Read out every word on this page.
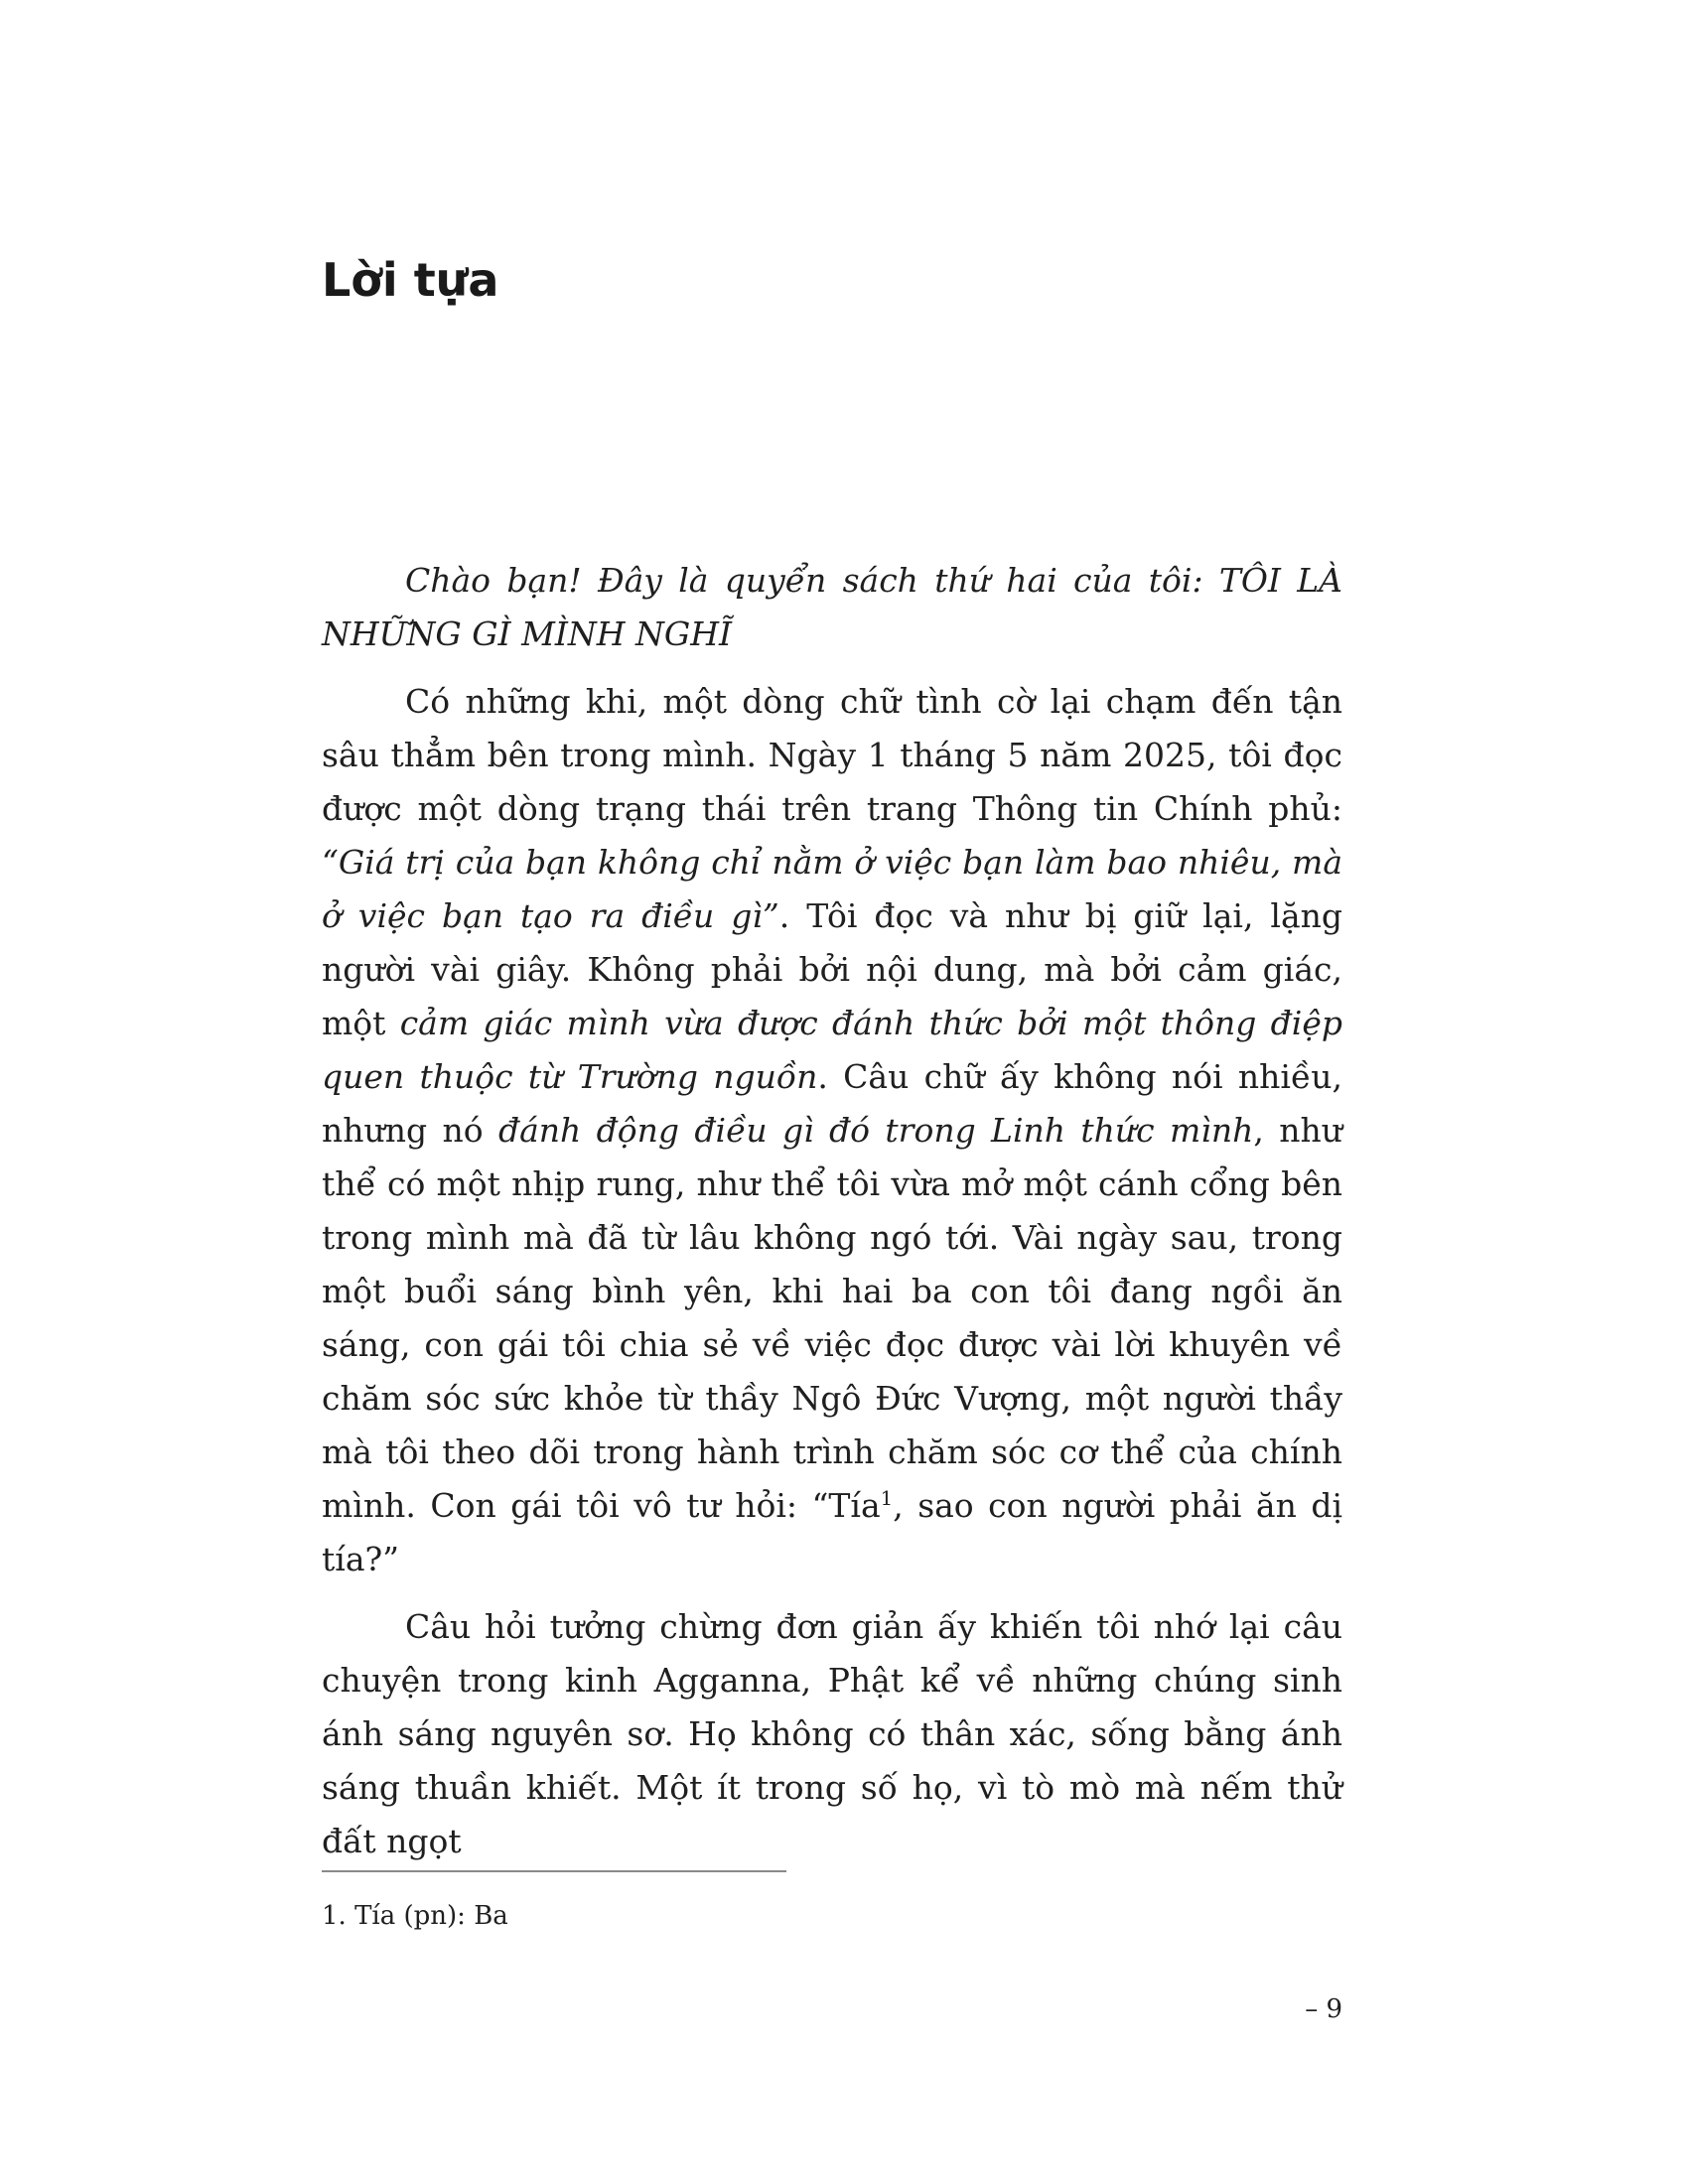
Lời tựa

Chào bạn! Đây là quyển sách thứ hai của tôi: TÔI LÀ NHỮNG GÌ MÌNH NGHĨ

Có những khi, một dòng chữ tình cờ lại chạm đến tận sâu thẳm bên trong mình. Ngày 1 tháng 5 năm 2025, tôi đọc được một dòng trạng thái trên trang Thông tin Chính phủ: “Giá trị của bạn không chỉ nằm ở việc bạn làm bao nhiêu, mà ở việc bạn tạo ra điều gì”. Tôi đọc và như bị giữ lại, lặng người vài giây. Không phải bởi nội dung, mà bởi cảm giác, một cảm giác mình vừa được đánh thức bởi một thông điệp quen thuộc từ Trường nguồn. Câu chữ ấy không nói nhiều, nhưng nó đánh động điều gì đó trong Linh thức mình, như thể có một nhịp rung, như thể tôi vừa mở một cánh cổng bên trong mình mà đã từ lâu không ngó tới. Vài ngày sau, trong một buổi sáng bình yên, khi hai ba con tôi đang ngồi ăn sáng, con gái tôi chia sẻ về việc đọc được vài lời khuyên về chăm sóc sức khỏe từ thầy Ngô Đức Vượng, một người thầy mà tôi theo dõi trong hành trình chăm sóc cơ thể của chính mình. Con gái tôi vô tư hỏi: “Tía$^1$, sao con người phải ăn dị tía?”

Câu hỏi tưởng chừng đơn giản ấy khiến tôi nhớ lại câu chuyện trong kinh Agganna, Phật kể về những chúng sinh ánh sáng nguyên sơ. Họ không có thân xác, sống bằng ánh sáng thuần khiết. Một ít trong số họ, vì tò mò mà nếm thử đất ngọt

1. Tía (pn): Ba
– 9
